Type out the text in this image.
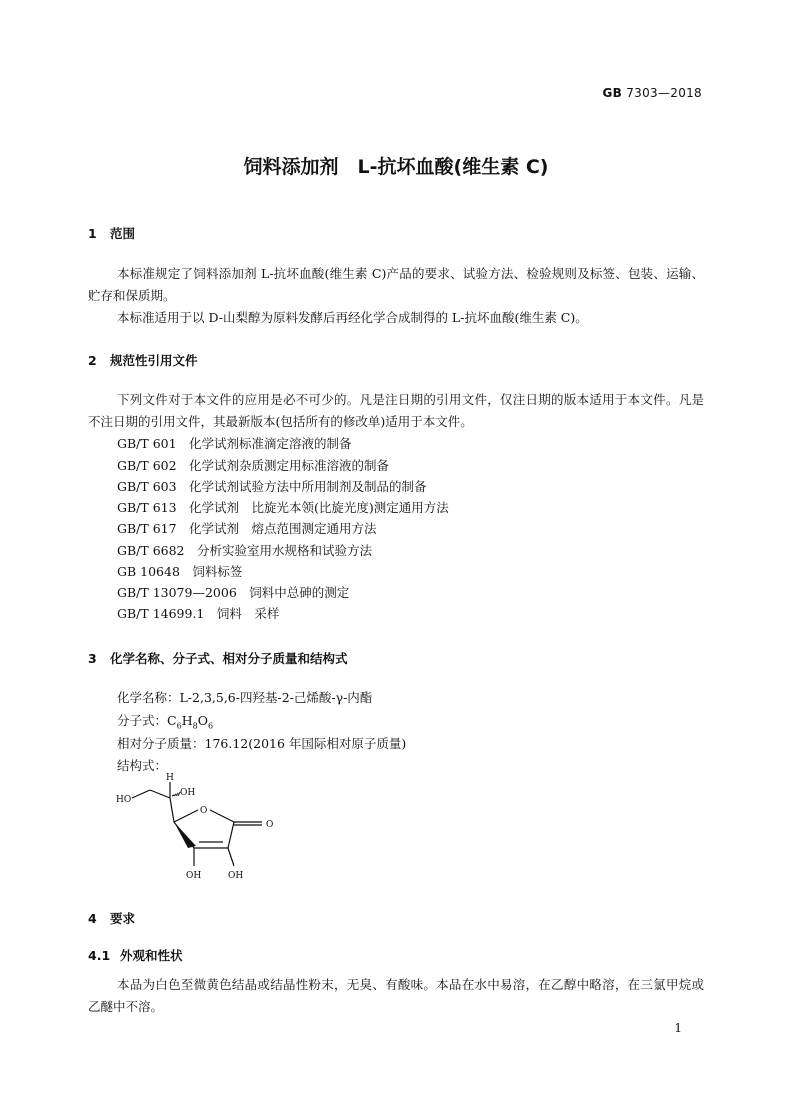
GB 7303—2018
饲料添加剂　L-抗坏血酸(维生素 C)
1 范围
本标准规定了饲料添加剂 L-抗坏血酸(维生素 C)产品的要求、试验方法、检验规则及标签、包装、运输、贮存和保质期。
本标准适用于以 D-山梨醇为原料发酵后再经化学合成制得的 L-抗坏血酸(维生素 C)。
2 规范性引用文件
下列文件对于本文件的应用是必不可少的。凡是注日期的引用文件，仅注日期的版本适用于本文件。凡是不注日期的引用文件，其最新版本(包括所有的修改单)适用于本文件。
GB/T 601　化学试剂标准滴定溶液的制备
GB/T 602　化学试剂杂质测定用标准溶液的制备
GB/T 603　化学试剂试验方法中所用制剂及制品的制备
GB/T 613　化学试剂　比旋光本领(比旋光度)测定通用方法
GB/T 617　化学试剂　熔点范围测定通用方法
GB/T 6682　分析实验室用水规格和试验方法
GB 10648　饲料标签
GB/T 13079—2006　饲料中总砷的测定
GB/T 14699.1　饲料　采样
3 化学名称、分子式、相对分子质量和结构式
化学名称：L-2,3,5,6-四羟基-2-己烯酸-γ-内酯
分子式：$C_6H_8O_6$
相对分子质量：176.12(2016 年国际相对原子质量)
结构式：
H
OH
HO
O
O
OH	OH
4 要求
4.1 外观和性状
本品为白色至微黄色结晶或结晶性粉末，无臭、有酸味。本品在水中易溶，在乙醇中略溶，在三氯甲烷或乙醚中不溶。
1
